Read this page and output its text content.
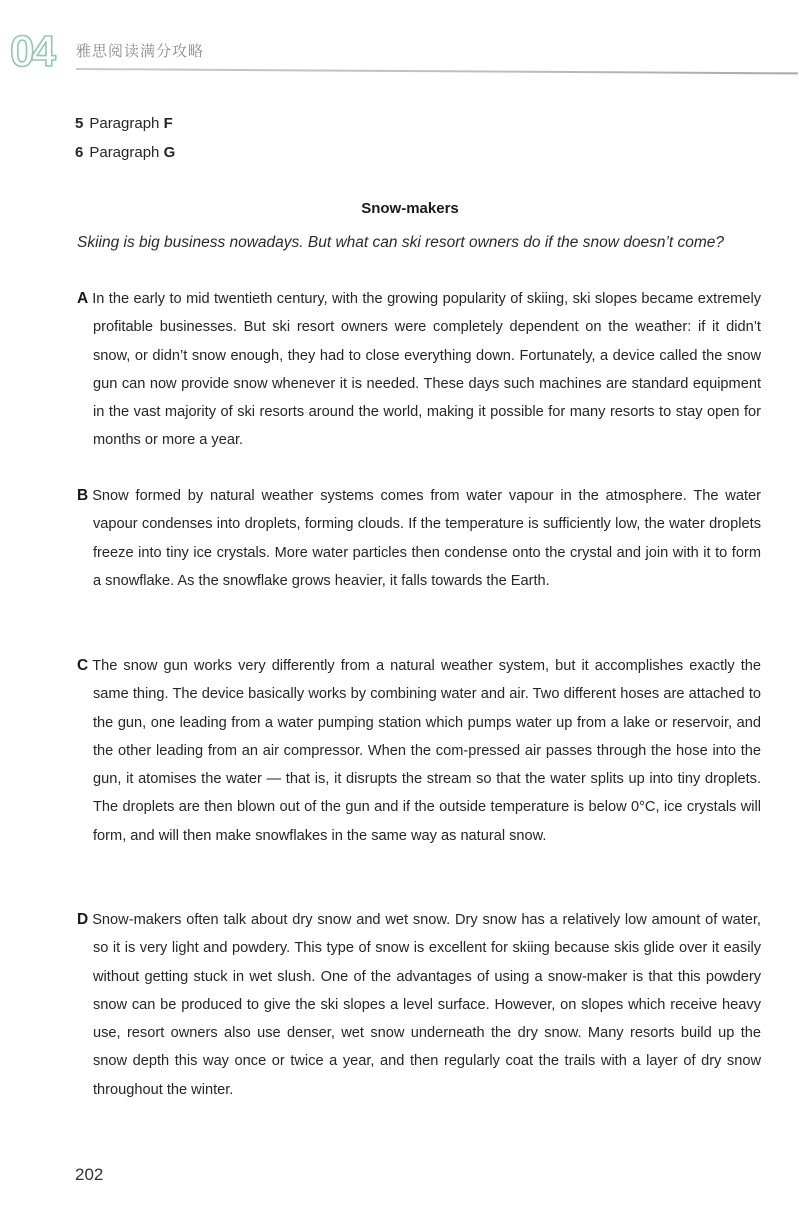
04 雅思阅读满分攻略
5 Paragraph F
6 Paragraph G
Snow-makers
Skiing is big business nowadays. But what can ski resort owners do if the snow doesn’t come?
A In the early to mid twentieth century, with the growing popularity of skiing, ski slopes became extremely profitable businesses. But ski resort owners were completely dependent on the weather: if it didn’t snow, or didn’t snow enough, they had to close everything down. Fortunately, a device called the snow gun can now provide snow whenever it is needed. These days such machines are standard equipment in the vast majority of ski resorts around the world, making it possible for many resorts to stay open for months or more a year.
B Snow formed by natural weather systems comes from water vapour in the atmosphere. The water vapour condenses into droplets, forming clouds. If the temperature is sufficiently low, the water droplets freeze into tiny ice crystals. More water particles then condense onto the crystal and join with it to form a snowflake. As the snowflake grows heavier, it falls towards the Earth.
C The snow gun works very differently from a natural weather system, but it accomplishes exactly the same thing. The device basically works by combining water and air. Two different hoses are attached to the gun, one leading from a water pumping station which pumps water up from a lake or reservoir, and the other leading from an air compressor. When the com-pressed air passes through the hose into the gun, it atomises the water — that is, it disrupts the stream so that the water splits up into tiny droplets. The droplets are then blown out of the gun and if the outside temperature is below 0°C, ice crystals will form, and will then make snowflakes in the same way as natural snow.
D Snow-makers often talk about dry snow and wet snow. Dry snow has a relatively low amount of water, so it is very light and powdery. This type of snow is excellent for skiing because skis glide over it easily without getting stuck in wet slush. One of the advantages of using a snow-maker is that this powdery snow can be produced to give the ski slopes a level surface. However, on slopes which receive heavy use, resort owners also use denser, wet snow underneath the dry snow. Many resorts build up the snow depth this way once or twice a year, and then regularly coat the trails with a layer of dry snow throughout the winter.
202
